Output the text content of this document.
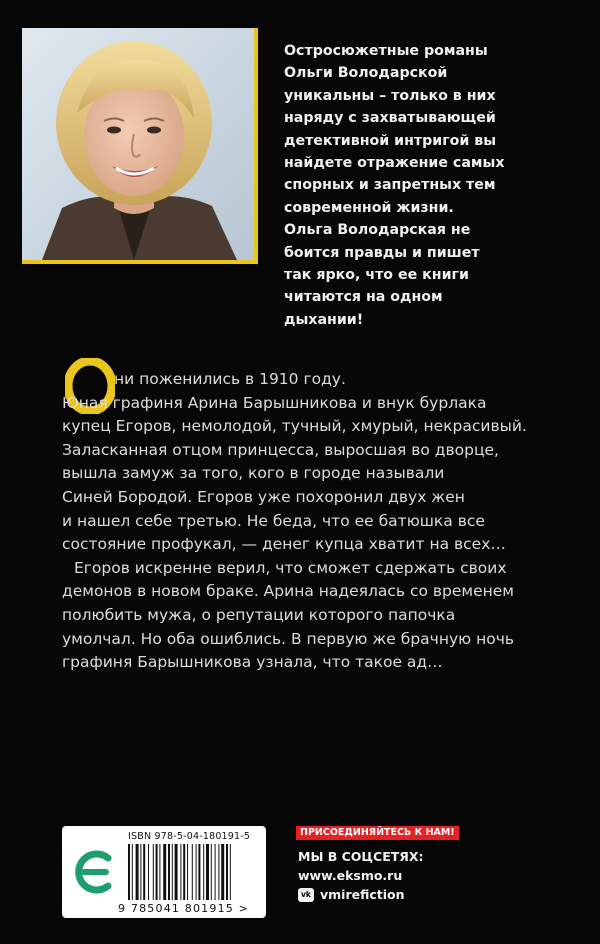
Остросюжетные романы
Ольги Володарской
уникальны – только в них
наряду с захватывающей
детективной интригой вы
найдете отражение самых
спорных и запретных тем
современной жизни.
Ольга Володарская не
боится правды и пишет
так ярко, что ее книги
читаются на одном
дыхании!

ни поженились в 1910 году.

Юная графиня Арина Барышникова и внук бурлака

купец Егоров, немолодой, тучный, хмурый, некрасивый.

Заласканная отцом принцесса, выросшая во дворце,

вышла замуж за того, кого в городе называли

Синей Бородой. Егоров уже похоронил двух жен

и нашел себе третью. Не беда, что ее батюшка все

состояние профукал, — денег купца хватит на всех…

Егоров искренне верил, что сможет сдержать своих

демонов в новом браке. Арина надеялась со временем

полюбить мужа, о репутации которого папочка

умолчал. Но оба ошиблись. В первую же брачную ночь

графиня Барышникова узнала, что такое ад…

ISBN 978-5-04-180191-5
9 785041 801915 >
ПРИСОЕДИНЯЙТЕСЬ К НАМ!
МЫ В СОЦСЕТЯХ:
www.eksmo.ru
vk vmirefiction
